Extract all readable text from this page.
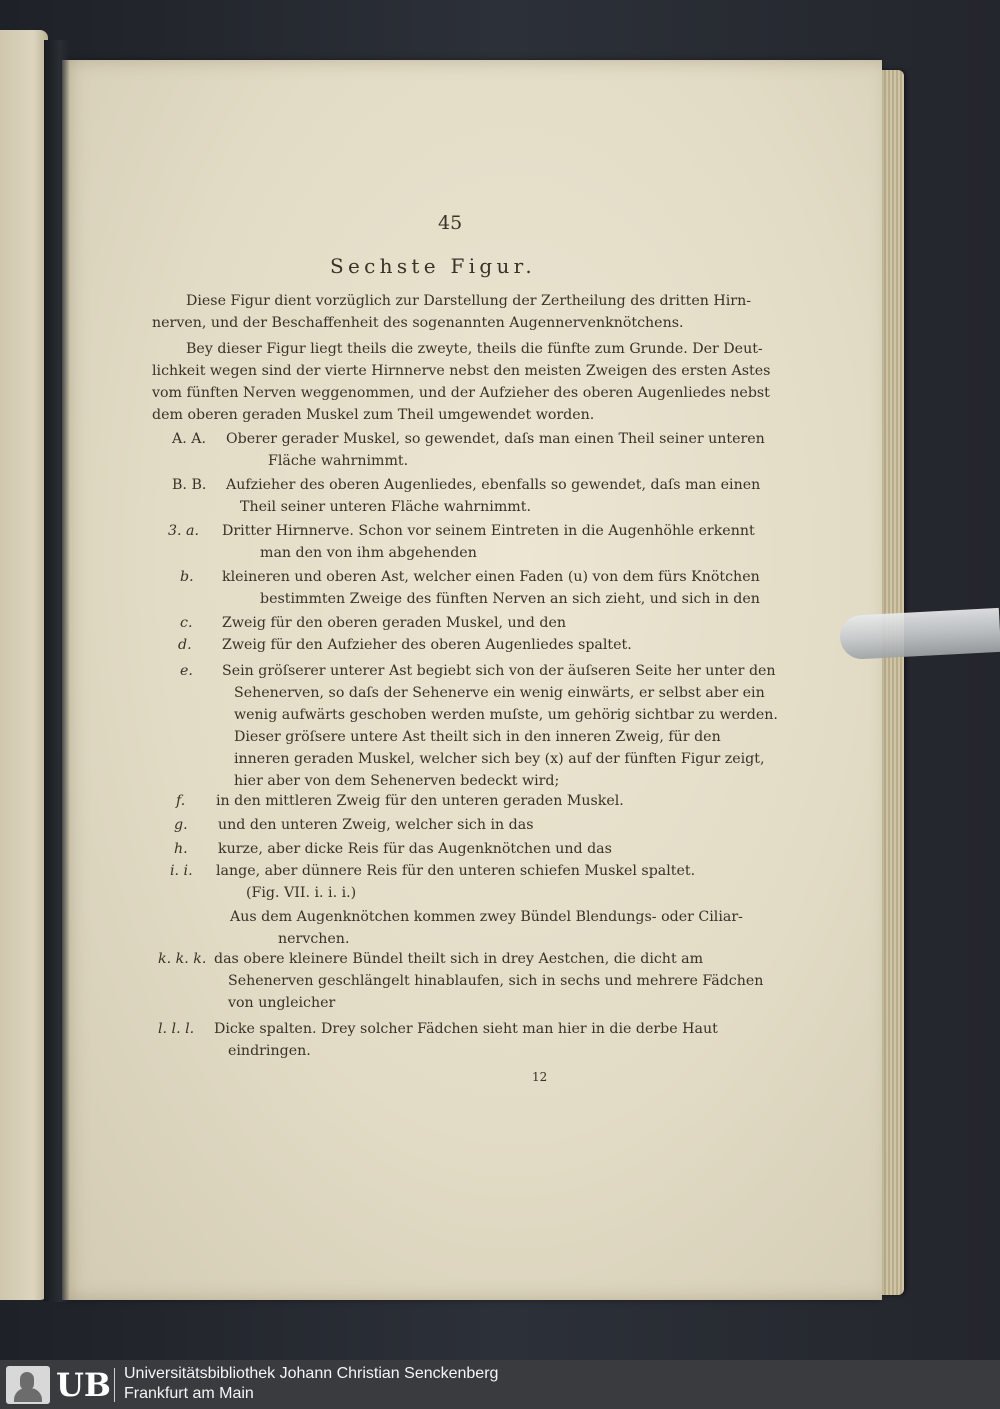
45
Sechste Figur.
Diese Figur dient vorzüglich zur Darstellung der Zertheilung des dritten Hirn-
nerven, und der Beschaffenheit des sogenannten Augennervenknötchens.
Bey dieser Figur liegt theils die zweyte, theils die fünfte zum Grunde. Der Deut-
lichkeit wegen sind der vierte Hirnnerve nebst den meisten Zweigen des ersten Astes
vom fünften Nerven weggenommen, und der Aufzieher des oberen Augenliedes nebst
dem oberen geraden Muskel zum Theil umgewendet worden.
A. A. Oberer gerader Muskel, so gewendet, daſs man einen Theil seiner unteren
Fläche wahrnimmt.
B. B. Aufzieher des oberen Augenliedes, ebenfalls so gewendet, daſs man einen
Theil seiner unteren Fläche wahrnimmt.
3. a. Dritter Hirnnerve. Schon vor seinem Eintreten in die Augenhöhle erkennt
man den von ihm abgehenden
b. kleineren und oberen Ast, welcher einen Faden (u) von dem fürs Knötchen
bestimmten Zweige des fünften Nerven an sich zieht, und sich in den
c. Zweig für den oberen geraden Muskel, und den
d. Zweig für den Aufzieher des oberen Augenliedes spaltet.
e. Sein gröſserer unterer Ast begiebt sich von der äuſseren Seite her unter den
Sehenerven, so daſs der Sehenerve ein wenig einwärts, er selbst aber ein
wenig aufwärts geschoben werden muſste, um gehörig sichtbar zu werden.
Dieser gröſsere untere Ast theilt sich in den inneren Zweig, für den
inneren geraden Muskel, welcher sich bey (x) auf der fünften Figur zeigt,
hier aber von dem Sehenerven bedeckt wird;
f. in den mittleren Zweig für den unteren geraden Muskel.
g. und den unteren Zweig, welcher sich in das
h. kurze, aber dicke Reis für das Augenknötchen und das
i. i. lange, aber dünnere Reis für den unteren schiefen Muskel spaltet.
(Fig. VII. i. i. i.)
Aus dem Augenknötchen kommen zwey Bündel Blendungs- oder Ciliar-
nervchen.
k. k. k. das obere kleinere Bündel theilt sich in drey Aestchen, die dicht am
Sehenerven geschlängelt hinablaufen, sich in sechs und mehrere Fädchen
von ungleicher
l. l. l. Dicke spalten. Drey solcher Fädchen sieht man hier in die derbe Haut
eindringen.
12
UB Universitätsbibliothek Johann Christian Senckenberg
Frankfurt am Main
